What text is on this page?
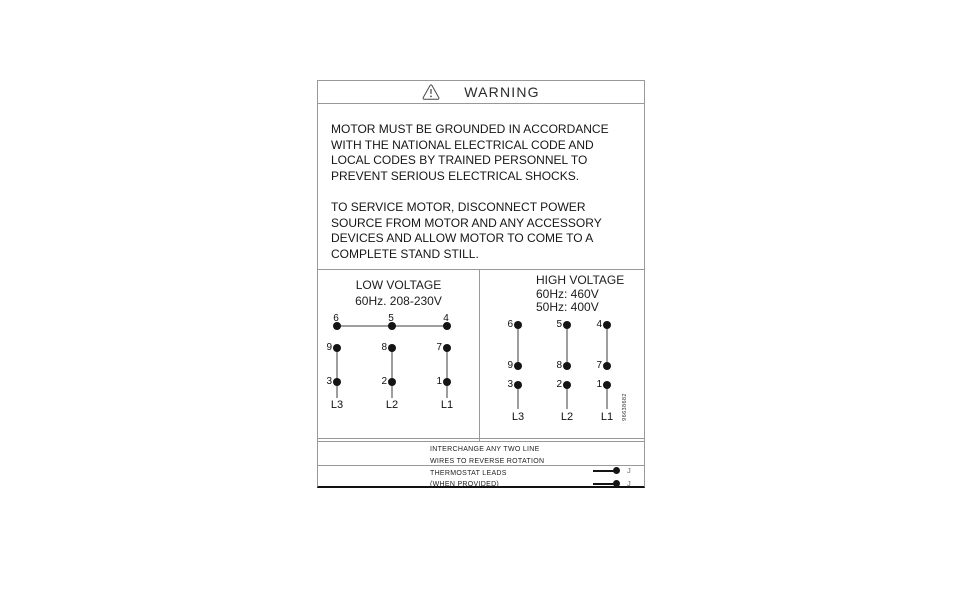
WARNING
MOTOR MUST BE GROUNDED IN ACCORDANCE
WITH THE NATIONAL ELECTRICAL CODE AND
LOCAL CODES BY TRAINED PERSONNEL TO
PREVENT SERIOUS ELECTRICAL SHOCKS.
TO SERVICE MOTOR, DISCONNECT POWER
SOURCE FROM MOTOR AND ANY ACCESSORY
DEVICES AND ALLOW MOTOR TO COME TO A
COMPLETE STAND STILL.
LOW VOLTAGE
60Hz. 208-230V
HIGH VOLTAGE
60Hz: 460V
50Hz: 400V
6
9
3
L3
5
8
2
L2
4
7
1
L1
6
9
3
L3
5
8
2
L2
4
7
1
L1	96638682
INTERCHANGE ANY TWO LINE
WIRES TO REVERSE ROTATION
THERMOSTAT LEADS
(WHEN PROVIDED)
J
J
